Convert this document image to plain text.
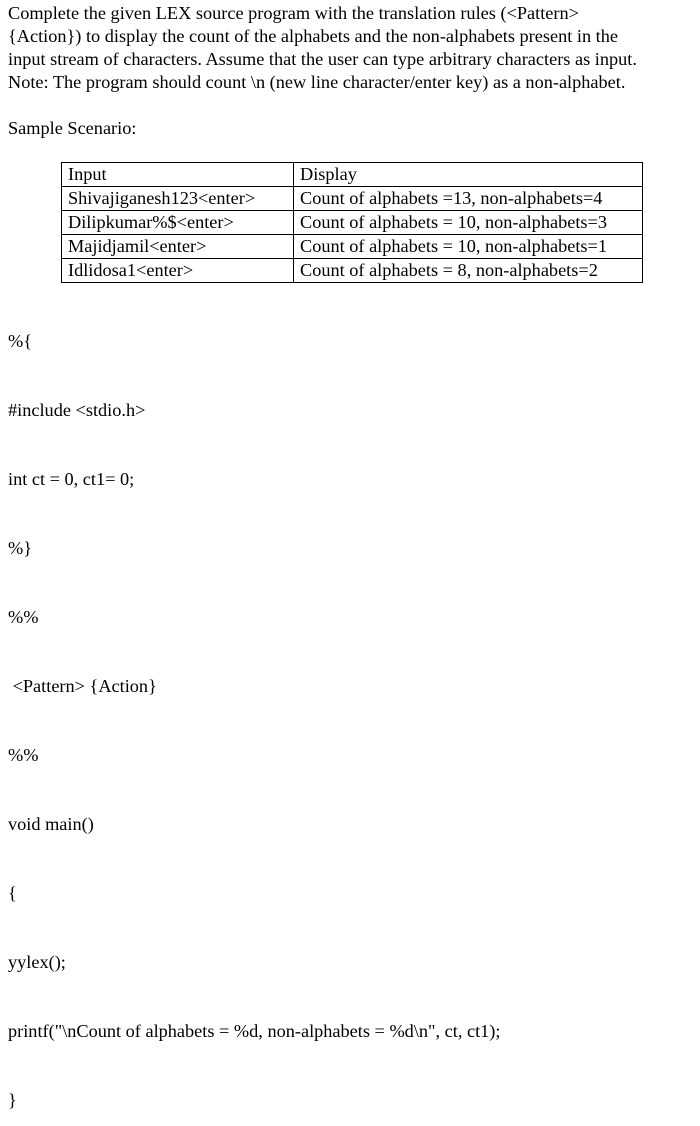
Complete the given LEX source program with the translation rules (<Pattern>
{Action}) to display the count of the alphabets and the non-alphabets present in the
input stream of characters. Assume that the user can type arbitrary characters as input.
Note: The program should count \n (new line character/enter key) as a non-alphabet.
Sample Scenario:
Input	Display
Shivajiganesh123<enter>	Count of alphabets =13, non-alphabets=4
Dilipkumar%$<enter>	Count of alphabets = 10, non-alphabets=3
Majidjamil<enter>	Count of alphabets = 10, non-alphabets=1
Idlidosa1<enter>	Count of alphabets = 8, non-alphabets=2

%{

#include <stdio.h>

int ct = 0, ct1= 0;

%}

%%

<Pattern> {Action}

%%

void main()

{

yylex();

printf("\nCount of alphabets = %d, non-alphabets = %d\n", ct, ct1);

}
